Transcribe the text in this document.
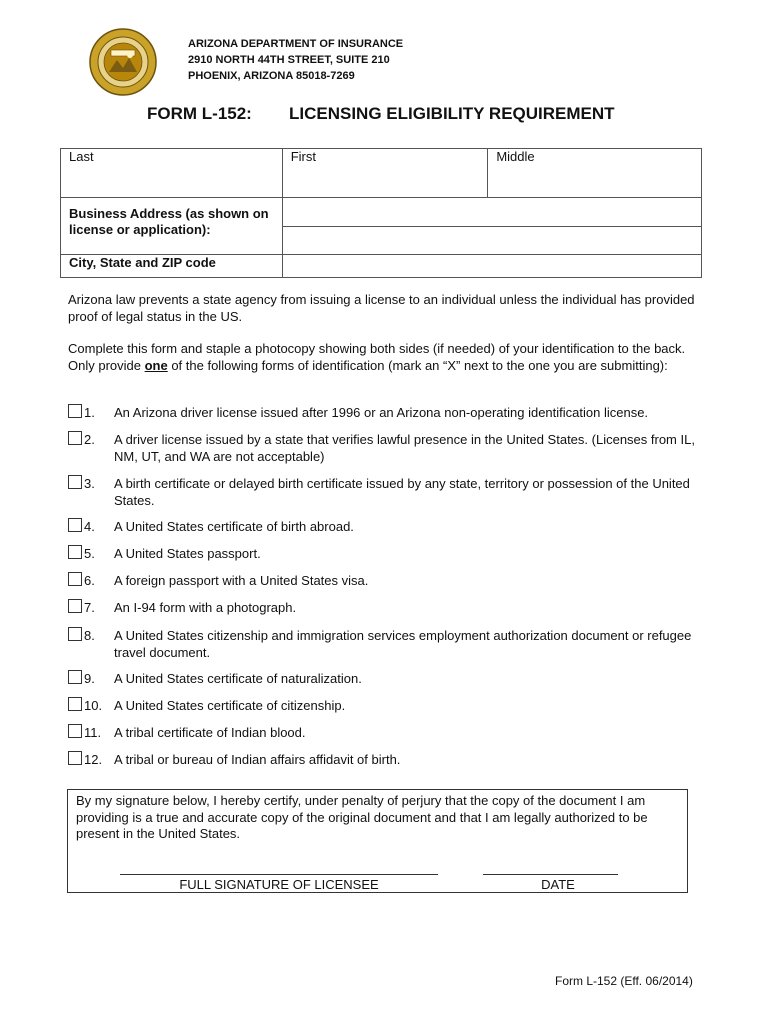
ARIZONA DEPARTMENT OF INSURANCE
2910 NORTH 44TH STREET, SUITE 210
PHOENIX, ARIZONA 85018-7269
FORM L-152: LICENSING ELIGIBILITY REQUIREMENT
Last	First	Middle
Business Address (as shown on license or application):		

City, State and ZIP code		
Arizona law prevents a state agency from issuing a license to an individual unless the individual has provided proof of legal status in the US.
Complete this form and staple a photocopy showing both sides (if needed) of your identification to the back. Only provide one of the following forms of identification (mark an “X” next to the one you are submitting):
1. An Arizona driver license issued after 1996 or an Arizona non-operating identification license.
2. A driver license issued by a state that verifies lawful presence in the United States. (Licenses from IL, NM, UT, and WA are not acceptable)
3. A birth certificate or delayed birth certificate issued by any state, territory or possession of the United States.
4. A United States certificate of birth abroad.
5. A United States passport.
6. A foreign passport with a United States visa.
7. An I-94 form with a photograph.
8. A United States citizenship and immigration services employment authorization document or refugee travel document.
9. A United States certificate of naturalization.
10. A United States certificate of citizenship.
11. A tribal certificate of Indian blood.
12. A tribal or bureau of Indian affairs affidavit of birth.
By my signature below, I hereby certify, under penalty of perjury that the copy of the document I am providing is a true and accurate copy of the original document and that I am legally authorized to be present in the United States.
FULL SIGNATURE OF LICENSEE	DATE
Form L-152 (Eff. 06/2014)
